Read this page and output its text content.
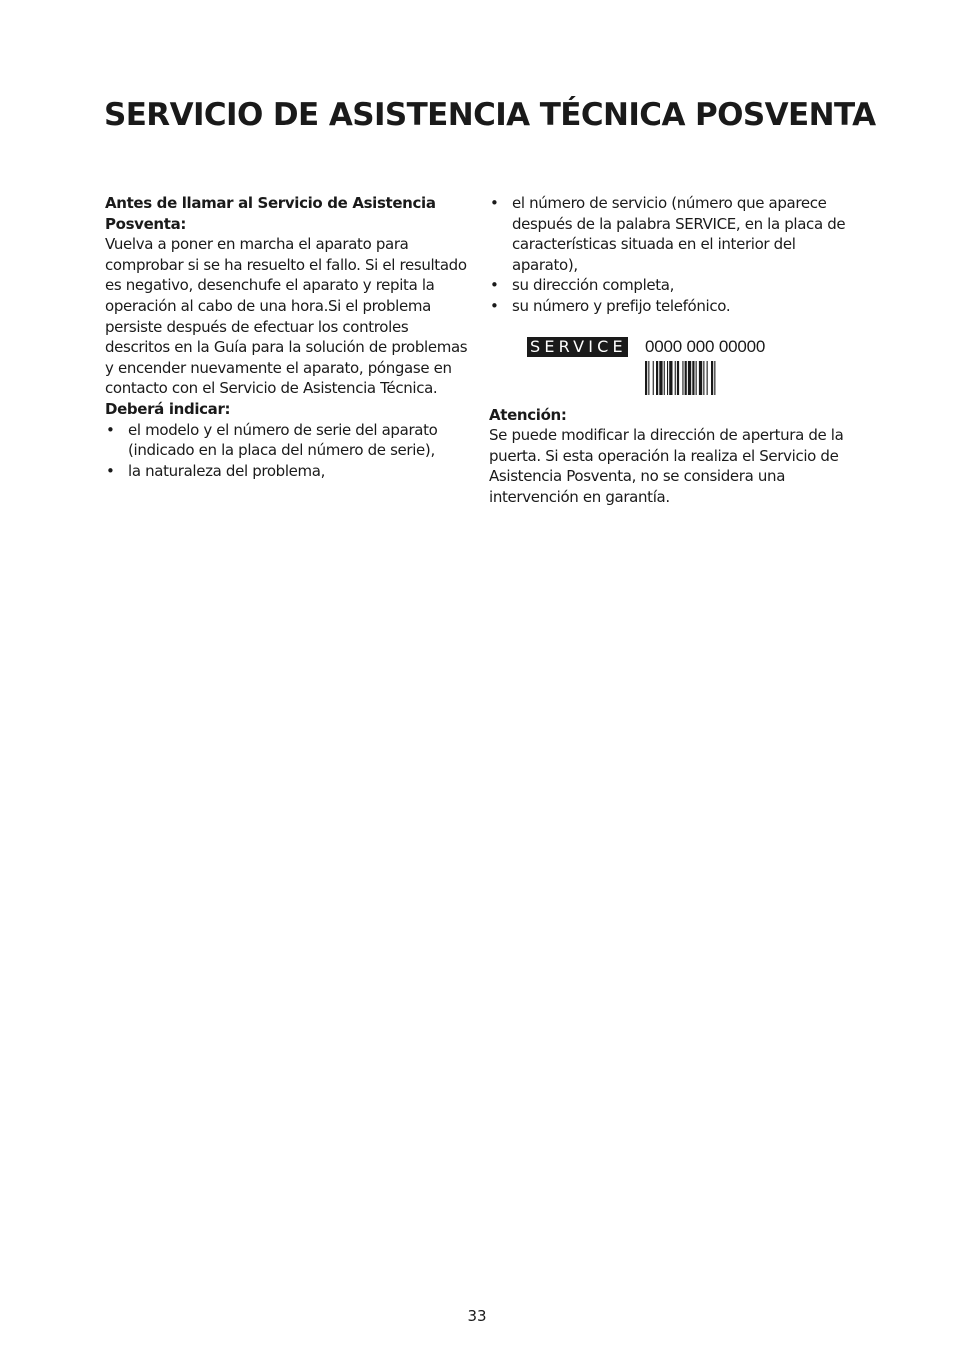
SERVICIO DE ASISTENCIA TÉCNICA POSVENTA

Antes de llamar al Servicio de Asistencia Posventa:

Vuelva a poner en marcha el aparato para comprobar si se ha resuelto el fallo. Si el resultado es negativo, desenchufe el aparato y repita la operación al cabo de una hora.Si el problema persiste después de efectuar los controles descritos en la Guía para la solución de problemas y encender nuevamente el aparato, póngase en contacto con el Servicio de Asistencia Técnica.

Deberá indicar:

• el modelo y el número de serie del aparato (indicado en la placa del número de serie),
• la naturaleza del problema,
• el número de servicio (número que aparece después de la palabra SERVICE, en la placa de características situada en el interior del aparato),
• su dirección completa,
• su número y prefijo telefónico.
SERVICE 0000 000 00000

Atención:

Se puede modificar la dirección de apertura de la puerta. Si esta operación la realiza el Servicio de Asistencia Posventa, no se considera una intervención en garantía.

33
